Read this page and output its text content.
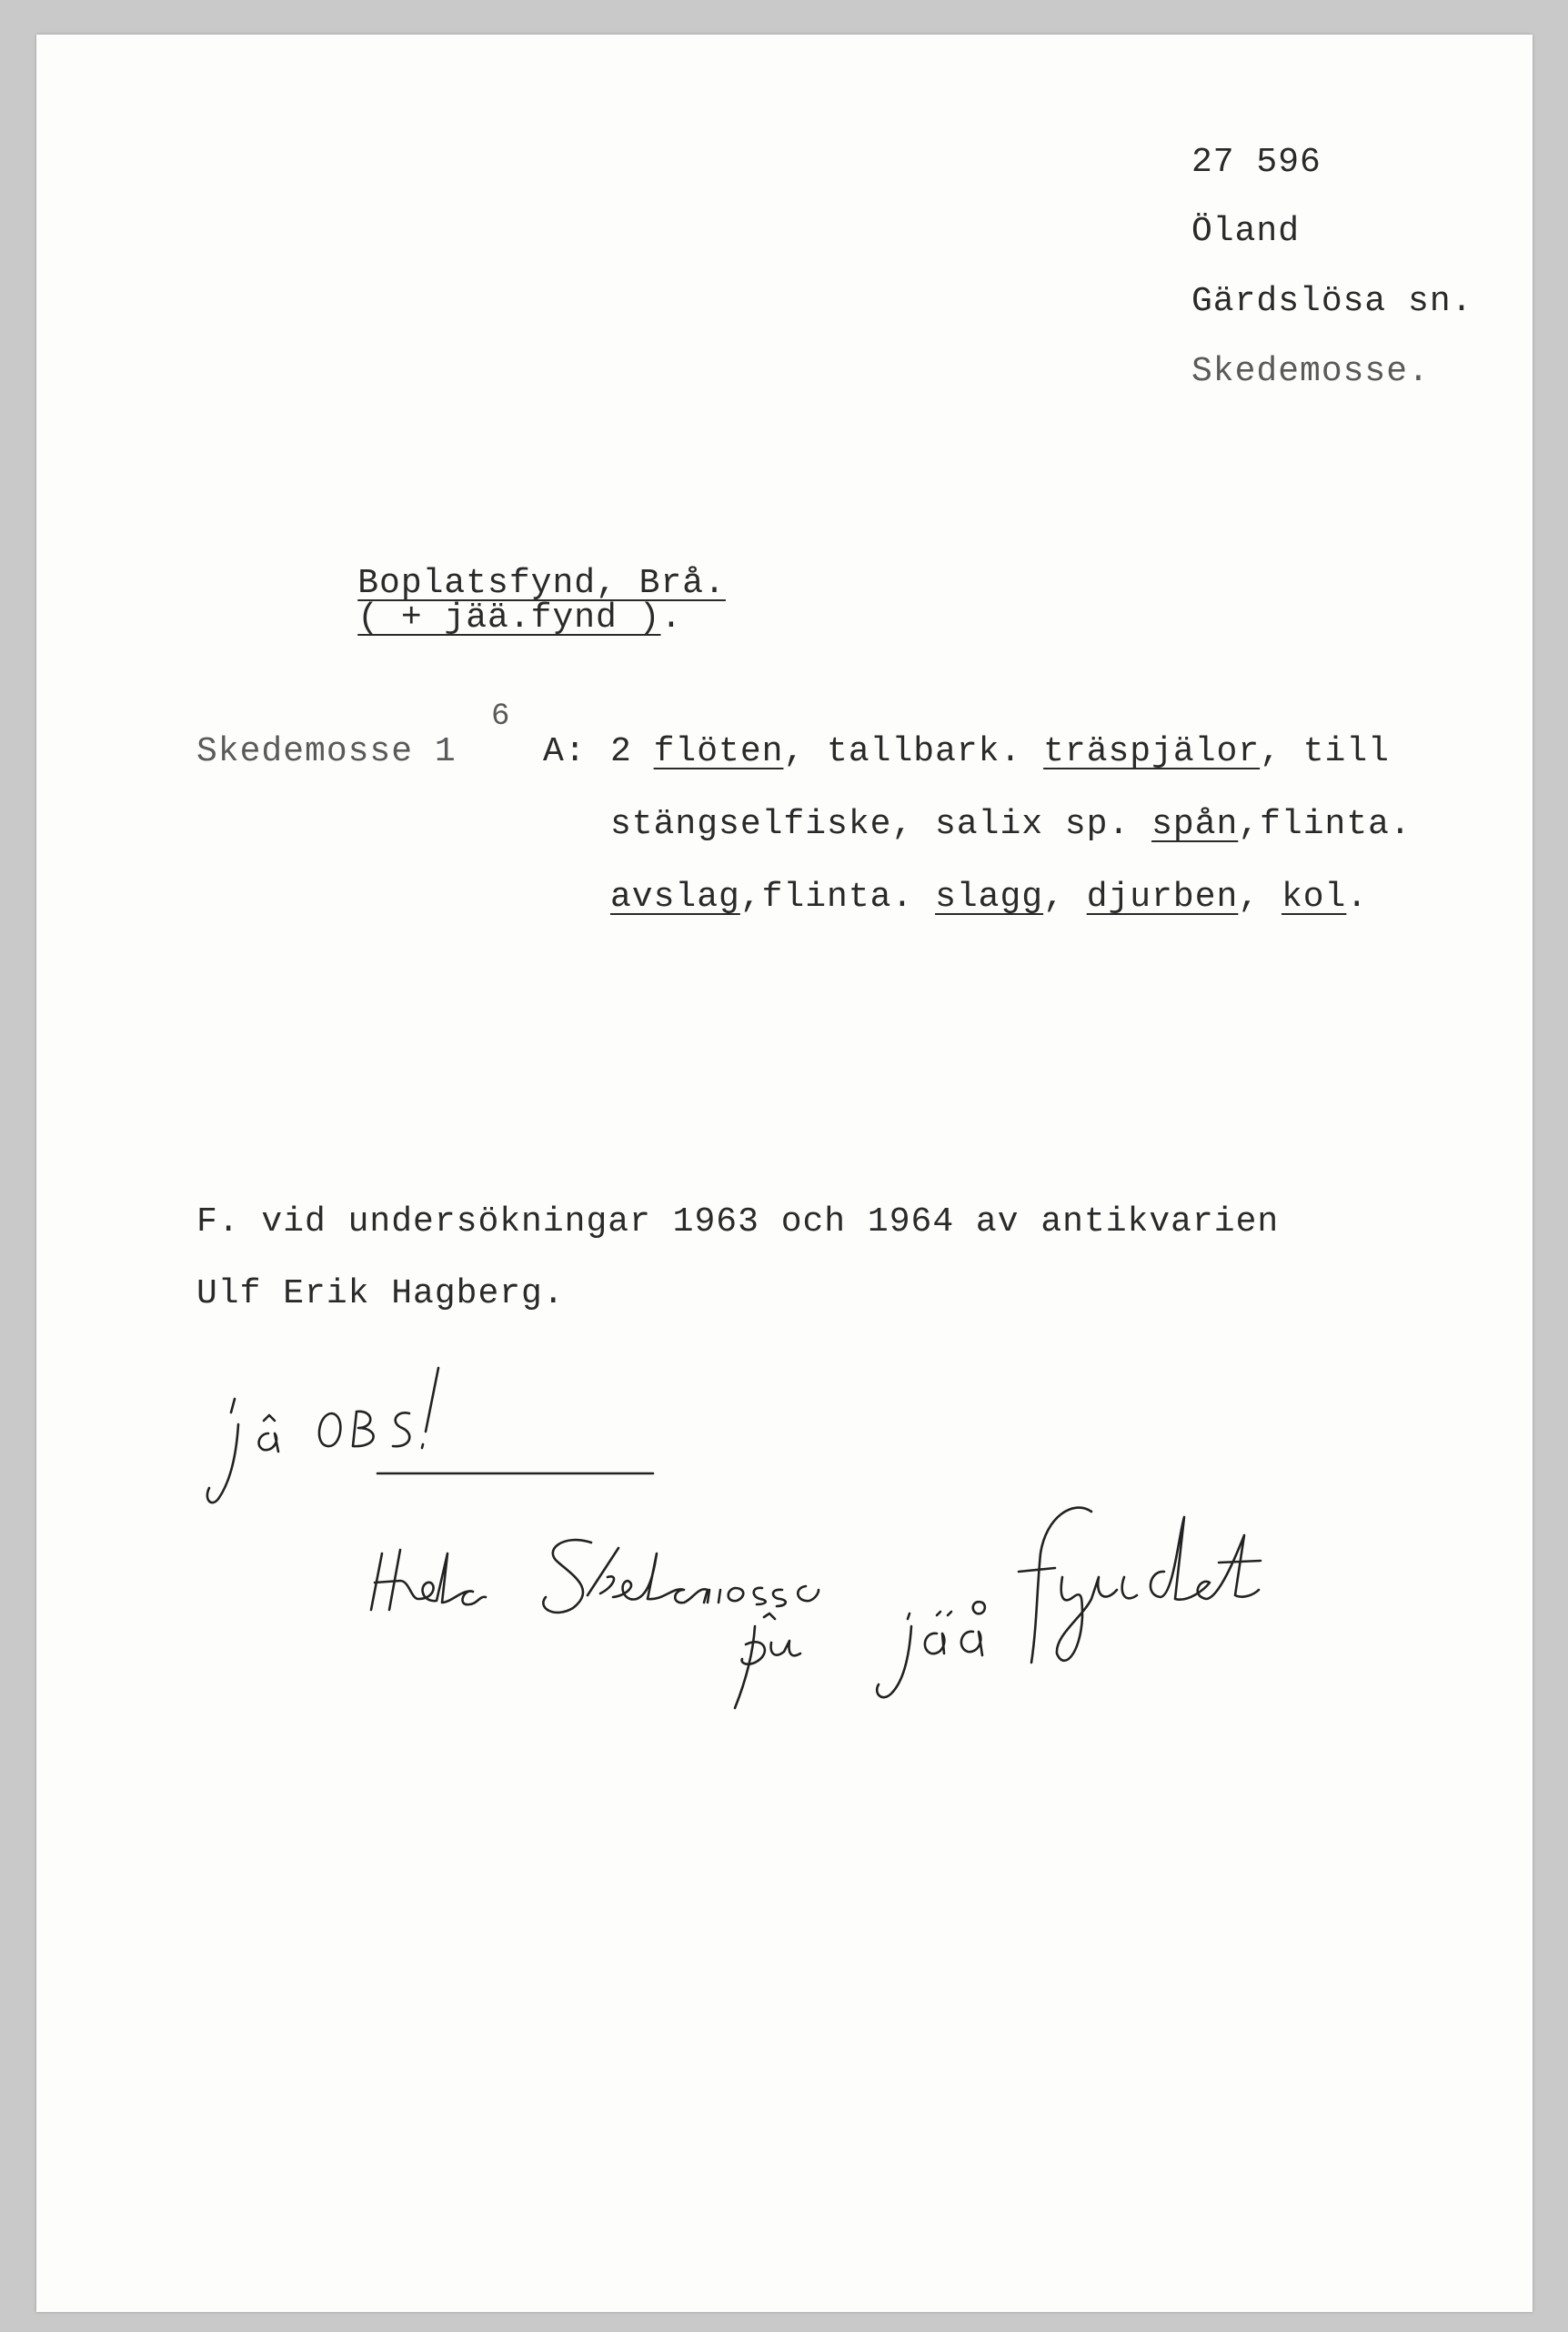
27 596
Öland
Gärdslösa sn.
Skedemosse.

Boplatsfynd, Brå.
( + jää.fynd ).

Skedemosse 1
6
A: 2 flöten, tallbark. träspjälor, till
stängselfiske, salix sp. spån,flinta.
avslag,flinta. slagg, djurben, kol.
F. vid undersökningar 1963 och 1964 av antikvarien
Ulf Erik Hagberg.
